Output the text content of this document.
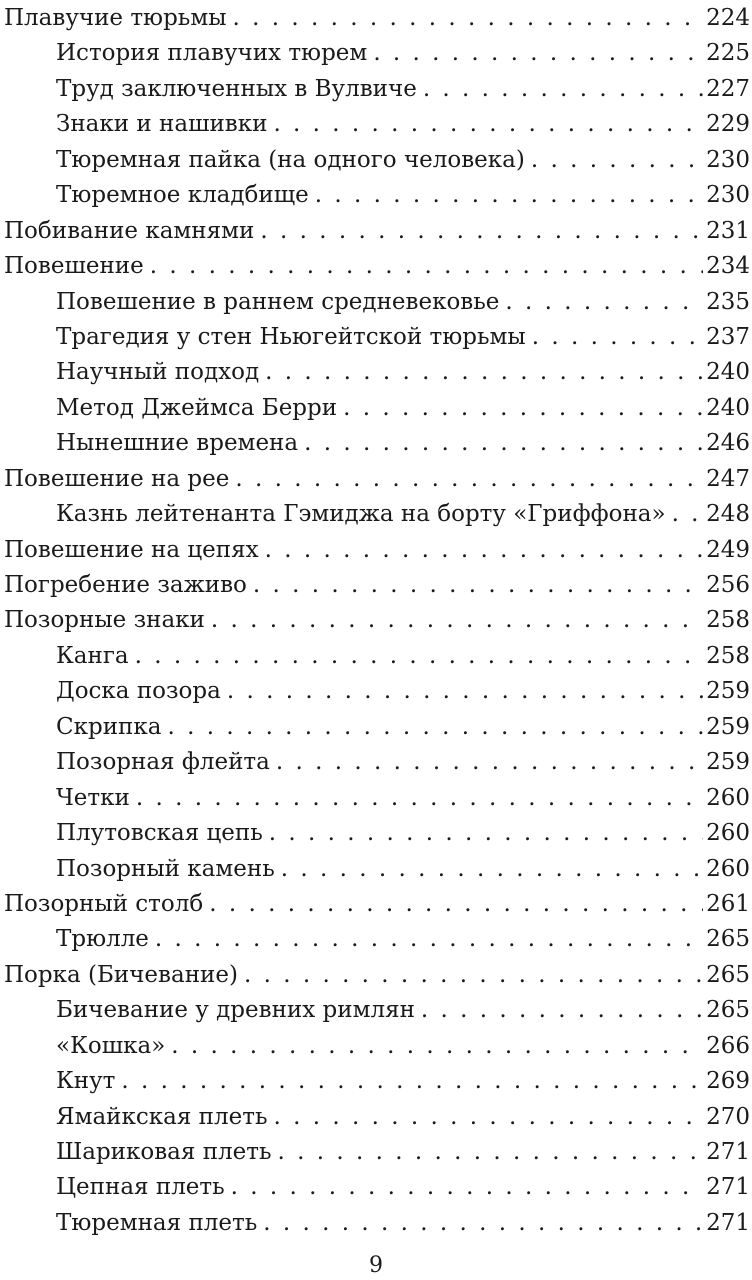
Плавучие тюрьмы . . .	224
История плавучих тюрем . . .	225
Труд заключенных в Вулвиче . . .	227
Знаки и нашивки . . .	229
Тюремная пайка (на одного человека) . . .	230
Тюремное кладбище . . .	230
Побивание камнями . . .	231
Повешение . . .	234
Повешение в раннем средневековье . . .	235
Трагедия у стен Ньюгейтской тюрьмы . . .	237
Научный подход . . .	240
Метод Джеймса Берри . . .	240
Нынешние времена . . .	246
Повешение на рее . . .	247
Казнь лейтенанта Гэмиджа на борту «Гриффона» . . . 248
Повешение на цепях . . .	249
Погребение заживо . . .	256
Позорные знаки . . .	258
Канга . . .	258
Доска позора . . .	259
Скрипка . . .	259
Позорная флейта . . .	259
Четки . . .	260
Плутовская цепь . . .	260
Позорный камень . . .	260
Позорный столб . . .	261
Трюлле . . .	265
Порка (Бичевание) . . .	265
Бичевание у древних римлян . . .	265
«Кошка» . . .	266
Кнут . . .	269
Ямайкская плеть . . .	270
Шариковая плеть . . .	271
Цепная плеть . . .	271
Тюремная плеть . . .	271
9
